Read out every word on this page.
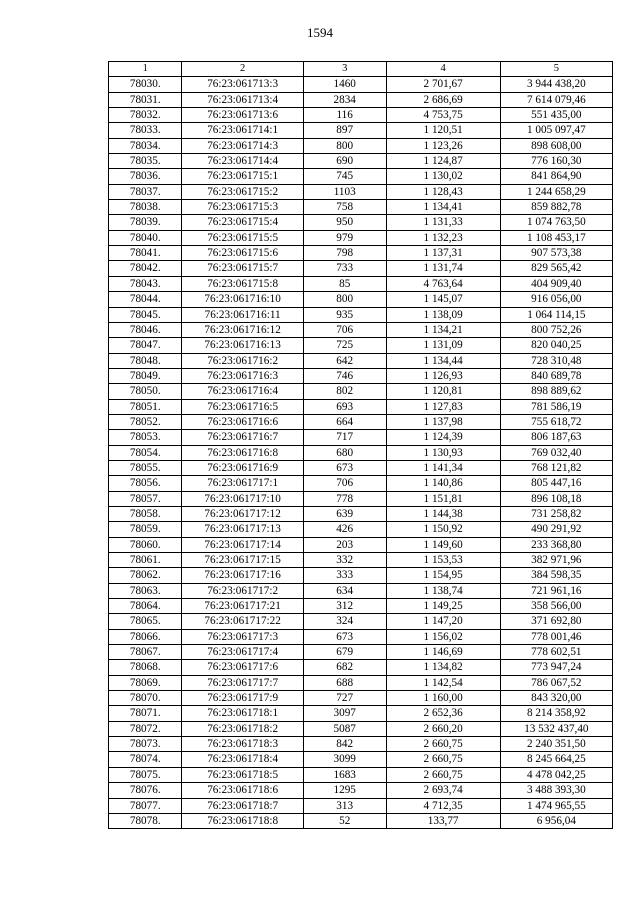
1594
1	2	3	4	5
78030.	76:23:061713:3	1460	2 701,67	3 944 438,20
78031.	76:23:061713:4	2834	2 686,69	7 614 079,46
78032.	76:23:061713:6	116	4 753,75	551 435,00
78033.	76:23:061714:1	897	1 120,51	1 005 097,47
78034.	76:23:061714:3	800	1 123,26	898 608,00
78035.	76:23:061714:4	690	1 124,87	776 160,30
78036.	76:23:061715:1	745	1 130,02	841 864,90
78037.	76:23:061715:2	1103	1 128,43	1 244 658,29
78038.	76:23:061715:3	758	1 134,41	859 882,78
78039.	76:23:061715:4	950	1 131,33	1 074 763,50
78040.	76:23:061715:5	979	1 132,23	1 108 453,17
78041.	76:23:061715:6	798	1 137,31	907 573,38
78042.	76:23:061715:7	733	1 131,74	829 565,42
78043.	76:23:061715:8	85	4 763,64	404 909,40
78044.	76:23:061716:10	800	1 145,07	916 056,00
78045.	76:23:061716:11	935	1 138,09	1 064 114,15
78046.	76:23:061716:12	706	1 134,21	800 752,26
78047.	76:23:061716:13	725	1 131,09	820 040,25
78048.	76:23:061716:2	642	1 134,44	728 310,48
78049.	76:23:061716:3	746	1 126,93	840 689,78
78050.	76:23:061716:4	802	1 120,81	898 889,62
78051.	76:23:061716:5	693	1 127,83	781 586,19
78052.	76:23:061716:6	664	1 137,98	755 618,72
78053.	76:23:061716:7	717	1 124,39	806 187,63
78054.	76:23:061716:8	680	1 130,93	769 032,40
78055.	76:23:061716:9	673	1 141,34	768 121,82
78056.	76:23:061717:1	706	1 140,86	805 447,16
78057.	76:23:061717:10	778	1 151,81	896 108,18
78058.	76:23:061717:12	639	1 144,38	731 258,82
78059.	76:23:061717:13	426	1 150,92	490 291,92
78060.	76:23:061717:14	203	1 149,60	233 368,80
78061.	76:23:061717:15	332	1 153,53	382 971,96
78062.	76:23:061717:16	333	1 154,95	384 598,35
78063.	76:23:061717:2	634	1 138,74	721 961,16
78064.	76:23:061717:21	312	1 149,25	358 566,00
78065.	76:23:061717:22	324	1 147,20	371 692,80
78066.	76:23:061717:3	673	1 156,02	778 001,46
78067.	76:23:061717:4	679	1 146,69	778 602,51
78068.	76:23:061717:6	682	1 134,82	773 947,24
78069.	76:23:061717:7	688	1 142,54	786 067,52
78070.	76:23:061717:9	727	1 160,00	843 320,00
78071.	76:23:061718:1	3097	2 652,36	8 214 358,92
78072.	76:23:061718:2	5087	2 660,20	13 532 437,40
78073.	76:23:061718:3	842	2 660,75	2 240 351,50
78074.	76:23:061718:4	3099	2 660,75	8 245 664,25
78075.	76:23:061718:5	1683	2 660,75	4 478 042,25
78076.	76:23:061718:6	1295	2 693,74	3 488 393,30
78077.	76:23:061718:7	313	4 712,35	1 474 965,55
78078.	76:23:061718:8	52	133,77	6 956,04
